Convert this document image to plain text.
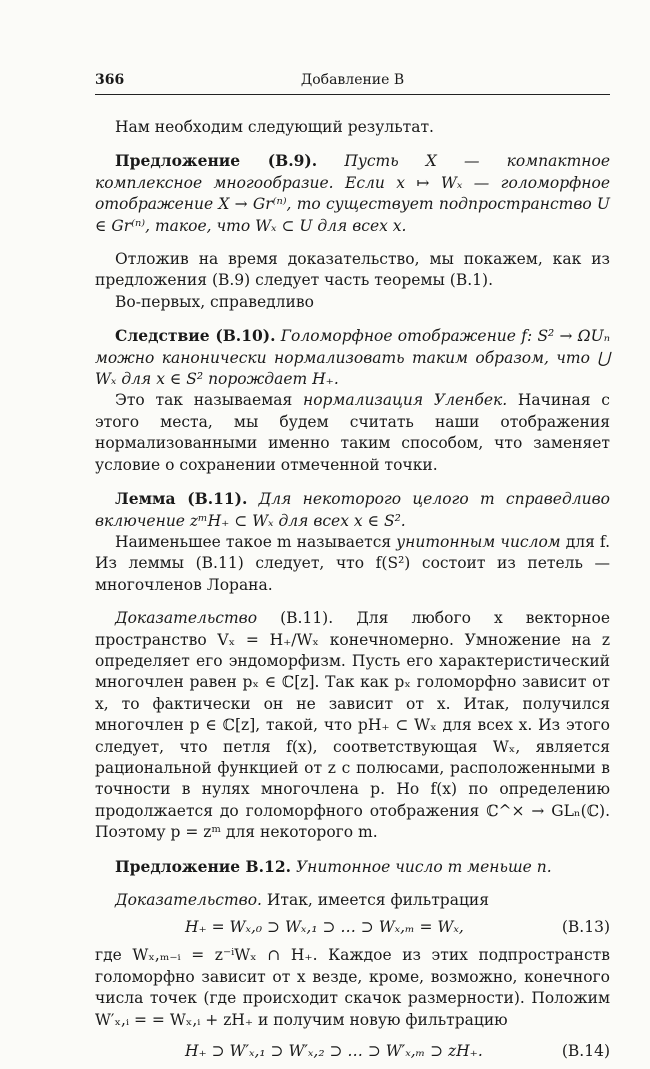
366	Добавление В

Нам необходим следующий результат.

Предложение (В.9). Пусть X — компактное комплексное многообразие. Если x ↦ Wₓ — голоморфное отображение X → Gr⁽ⁿ⁾, то существует подпространство U ∈ Gr⁽ⁿ⁾, такое, что Wₓ ⊂ U для всех x.

Отложив на время доказательство, мы покажем, как из предложения (В.9) следует часть теоремы (В.1).

Во-первых, справедливо

Следствие (В.10). Голоморфное отображение f: S² → ΩUₙ можно канонически нормализовать таким образом, что ⋃ Wₓ для x ∈ S² порождает H₊.

Это так называемая нормализация Уленбек. Начиная с этого места, мы будем считать наши отображения нормализованными именно таким способом, что заменяет условие о сохранении отмеченной точки.

Лемма (В.11). Для некоторого целого m справедливо включение zᵐH₊ ⊂ Wₓ для всех x ∈ S².

Наименьшее такое m называется унитонным числом для f. Из леммы (В.11) следует, что f(S²) состоит из петель — многочленов Лорана.

Доказательство (В.11). Для любого x векторное пространство Vₓ = H₊/Wₓ конечномерно. Умножение на z определяет его эндоморфизм. Пусть его характеристический многочлен равен pₓ ∈ ℂ[z]. Так как pₓ голоморфно зависит от x, то фактически он не зависит от x. Итак, получился многочлен p ∈ ℂ[z], такой, что pH₊ ⊂ Wₓ для всех x. Из этого следует, что петля f(x), соответствующая Wₓ, является рациональной функцией от z с полюсами, расположенными в точности в нулях многочлена p. Но f(x) по определению продолжается до голоморфного отображения ℂ^× → GLₙ(ℂ). Поэтому p = zᵐ для некоторого m.

Предложение В.12. Унитонное число m меньше n.

Доказательство. Итак, имеется фильтрация

H₊ = Wₓ,₀ ⊃ Wₓ,₁ ⊃ … ⊃ Wₓ,ₘ = Wₓ,	(В.13)

где Wₓ,ₘ₋ᵢ = z⁻ⁱWₓ ∩ H₊. Каждое из этих подпространств голоморфно зависит от x везде, кроме, возможно, конечного числа точек (где происходит скачок размерности). Положим W′ₓ,ᵢ = = Wₓ,ᵢ + zH₊ и получим новую фильтрацию

H₊ ⊃ W′ₓ,₁ ⊃ W′ₓ,₂ ⊃ … ⊃ W′ₓ,ₘ ⊃ zH₊.	(В.14)
